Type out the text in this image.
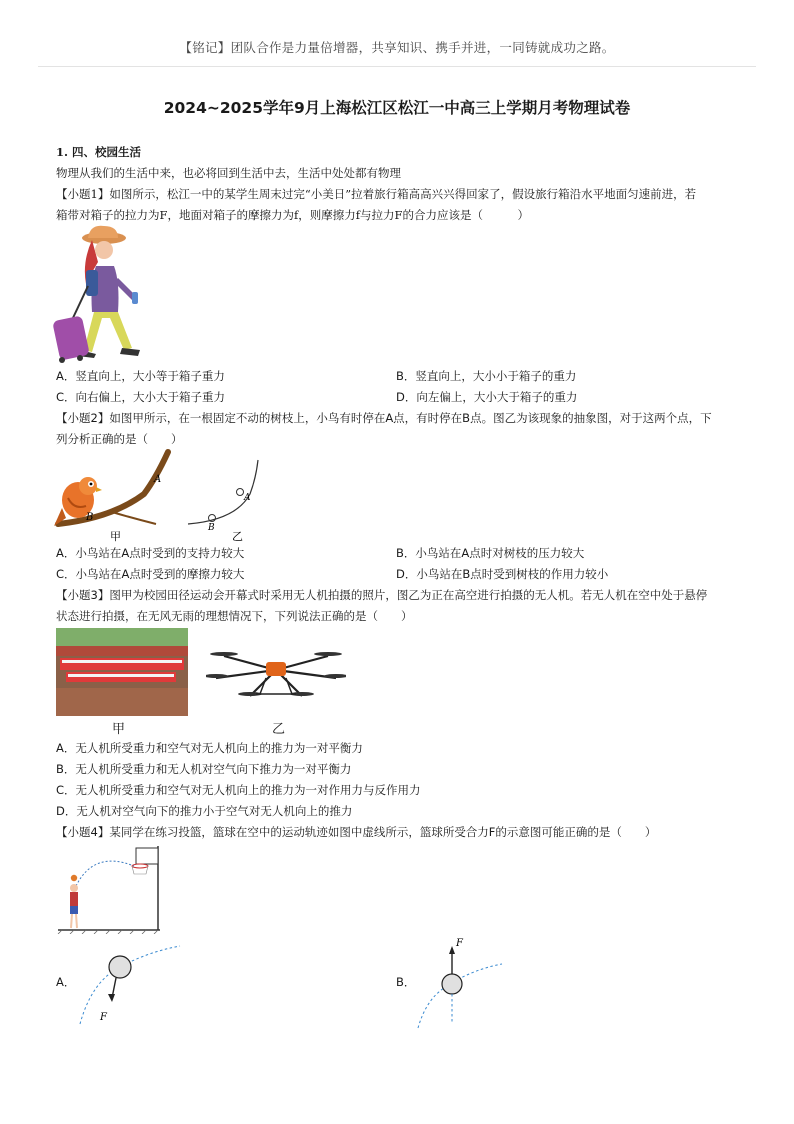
【铭记】团队合作是力量倍增器，共享知识、携手并进，一同铸就成功之路。
2024~2025学年9月上海松江区松江一中高三上学期月考物理试卷
1. 四、校园生活
物理从我们的生活中来，也必将回到生活中去，生活中处处都有物理
【小题1】如图所示，松江一中的某学生周末过完“小美日”拉着旅行箱高高兴兴得回家了，假设旅行箱沿水平地面匀速前进，若
箱带对箱子的拉力为F，地面对箱子的摩擦力为f，则摩擦力f与拉力F的合力应该是（　　　）
A．竖直向上，大小等于箱子重力	B．竖直向上，大小小于箱子的重力
C．向右偏上，大小大于箱子重力	D．向左偏上，大小大于箱子的重力
【小题2】如图甲所示，在一根固定不动的树枝上，小鸟有时停在A点，有时停在B点。图乙为该现象的抽象图，对于这两个点，下
列分析正确的是（　　）
A
B
甲
A
B
乙
A．小鸟站在A点时受到的支持力较大	B．小鸟站在A点时对树枝的压力较大
C．小鸟站在A点时受到的摩擦力较大	D．小鸟站在B点时受到树枝的作用力较小
【小题3】图甲为校园田径运动会开幕式时采用无人机拍摄的照片，图乙为正在高空进行拍摄的无人机。若无人机在空中处于悬停
状态进行拍摄，在无风无雨的理想情况下，下列说法正确的是（　　）
甲	乙
A．无人机所受重力和空气对无人机向上的推力为一对平衡力
B．无人机所受重力和无人机对空气向下推力为一对平衡力
C．无人机所受重力和空气对无人机向上的推力为一对作用力与反作用力
D．无人机对空气向下的推力小于空气对无人机向上的推力
【小题4】某同学在练习投篮，篮球在空中的运动轨迹如图中虚线所示，篮球所受合力F的示意图可能正确的是（　　）
A．
F
B．
F
